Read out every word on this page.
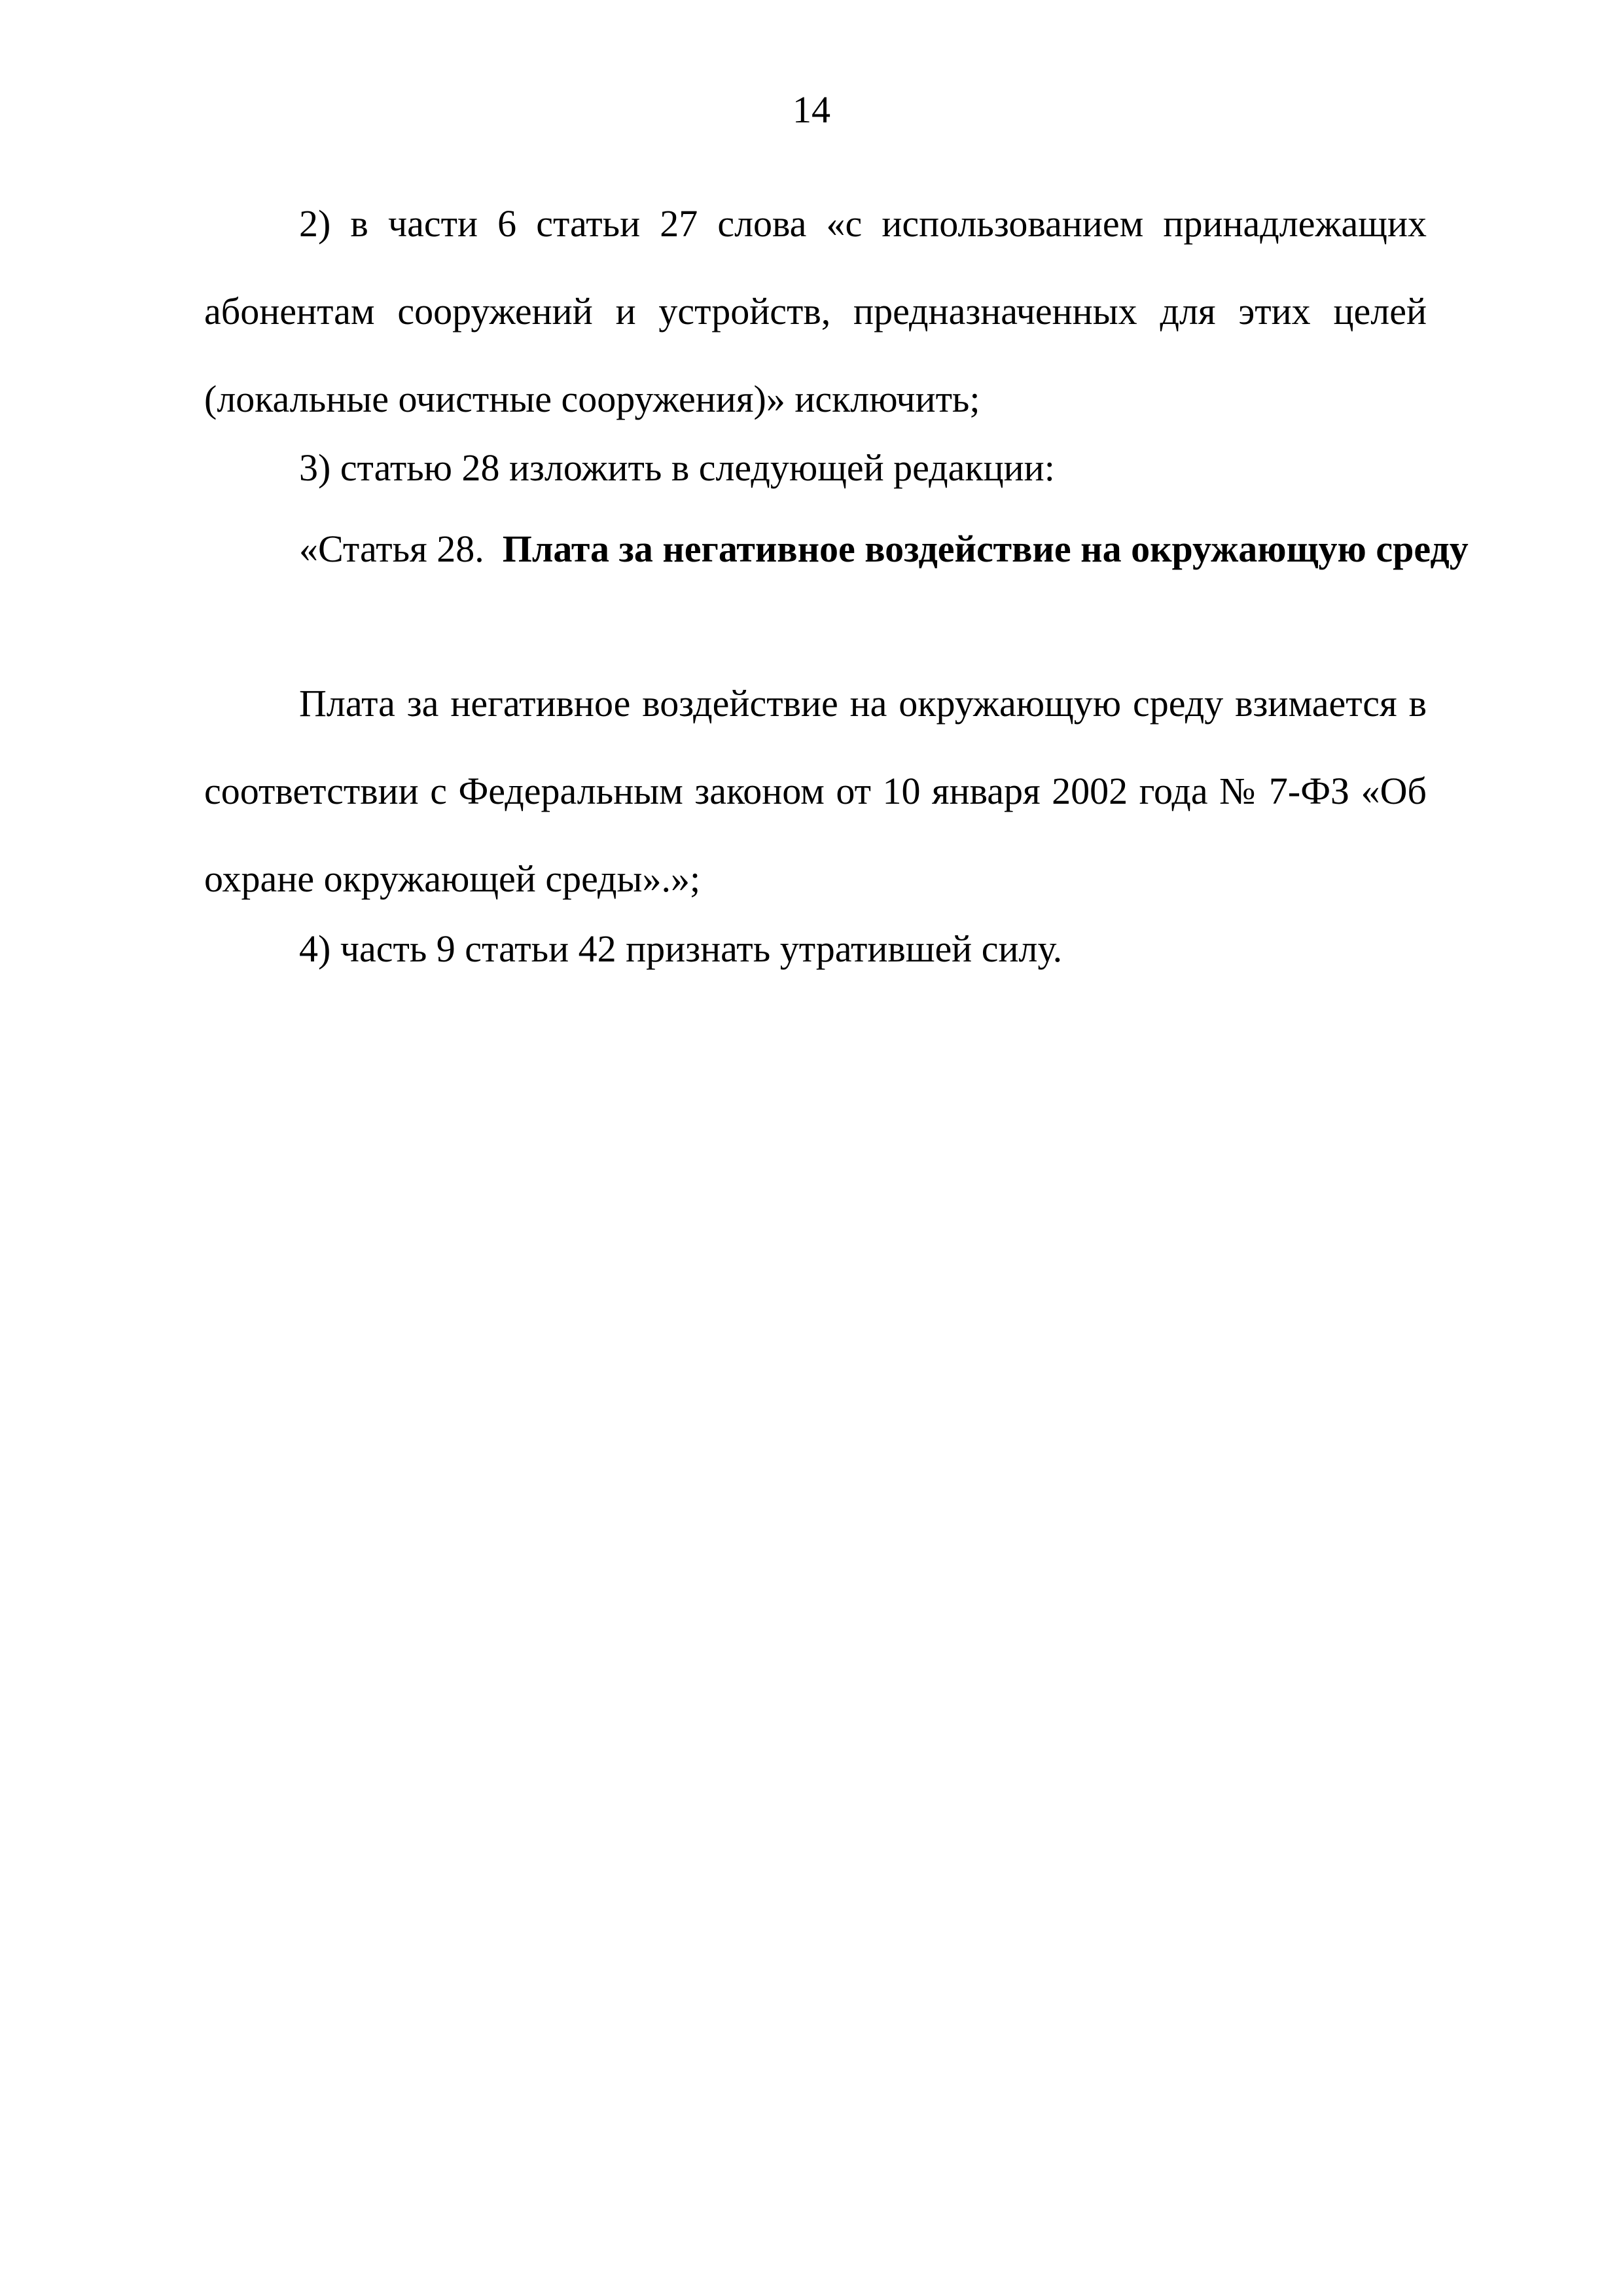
14

2) в части 6 статьи 27 слова «с использованием принадлежащих абонентам сооружений и устройств, предназначенных для этих целей (локальные очистные сооружения)» исключить;

3) статью 28 изложить в следующей редакции:

«Статья 28. Плата за негативное воздействие на окружающую среду

Плата за негативное воздействие на окружающую среду взимается в соответствии с Федеральным законом от 10 января 2002 года № 7-ФЗ «Об охране окружающей среды».»;

4) часть 9 статьи 42 признать утратившей силу.
